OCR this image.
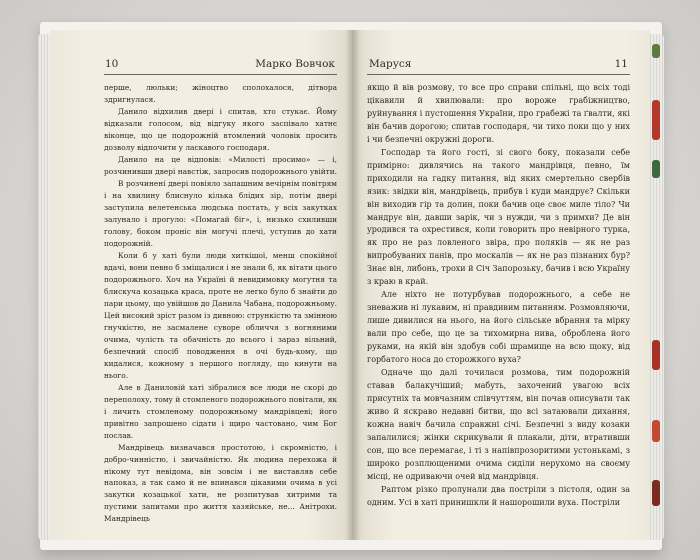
10	Марко Вовчок

перше, люльки; жіноцтво сполохалося, дітвора здригнулася.

Данило відхилив двері і спитав, хто стукає. Йому відказали голосом, від відгуку якого заспівало хатнє віконце, що це подорожній втомлений чоловік просить дозволу відпочити у ласкавого господаря.

Данило на це відповів: «Милості просимо» — і, розчинивши двері навстіж, запросив подорожнього увійти.

В розчинені двері повіяло запашним вечірнім повітрям і на хвилину блиснуло кілька блідих зір, потім двері заступила велетенська людська постать, у всіх закутках залунало і прогуло: «Помагай біг», і, низько схиливши голову, боком проніс він могучі плечі, уступив до хати подорожній.

Коли б у хаті були люди хиткішої, менш спокійної вдачі, вони певно б зміщалися і не знали б, як вітати цього подорожнього. Хоч на Україні й невидимовку могутня та блискуча козацька краса, проте не легко було б знайти до пари цьому, що увійшов до Данила Чабана, подорожньому. Цей високий зріст разом із дивною: стрункістю та змінною гнучкістю, не засмалене суворе обличчя з вогняними очима, чулість та обачність до всього і зараз вільний, безпечний спосіб поводження в очі будь-кому, що кидалися, кожному з першого погляду, що кинути на нього.

Але в Даниловій хаті зібралися все люди не скорі до переполоху, тому й стомленого подорожнього повітали, як і личить стомленому подорожньому мандрівцеві; його привітно запрошено сідати і щиро частовано, чим Бог послав.

Мандрівець визначався простотою, і скромністю, і добро-чинністю, і звичайністю. Як людина перехожа й нікому тут невідома, він зовсім і не виставляв себе напоказ, а так само й не впинався цікавими очима в усі закутки козацької хати, не розпитував хитрими та пустими запитами про життя хазяйське, не... Анітрохи. Мандрівець

Маруся	11

якщо й вів розмову, то все про справи спільні, що всіх тоді цікавили й хвилювали: про вороже грабіжництво, руйнування і пустошення України, про грабежі та ґвалти, які він бачив дорогою; спитав господаря, чи тихо поки що у них і чи безпечні окружні дороги.

Господар та його гості, зі свого боку, показали себе примірно: дивлячись на такого мандрівця, певно, їм приходили на гадку питання, від яких смертельно свербів язик: звідки він, мандрівець, прибув і куди мандрує? Скільки він виходив гір та долин, поки бачив оце своє миле тіло? Чи мандрує він, давши зарік, чи з нужди, чи з примхи? Де він уродився та охрестився, коли говорить про невірного турка, як про не раз ловленого звіра, про поляків — як не раз випробуваних панів, про москалів — як не раз пізнаних бур? Знає він, либонь, трохи й Січ Запорозьку, бачив і всю Україну з краю в край.

Але ніхто не потурбував подорожнього, а себе не зневажив ні лукавим, ні правдивим питанням. Розмовляючи, лише дивилися на нього, на його сільське вбрання та мірку вали про себе, що це за тихомирна нива, оброблена його руками, на якій він здобув собі шрамище на всю щоку, від горбатого носа до сторожкого вуха?

Одначе що далі точилася розмова, тим подорожній ставав балакучіший; мабуть, захочений увагою всіх присутніх та мовчазним співчуттям, він почав описувати так живо й яскраво недавні битви, що всі затаювали дихання, кожна навіч бачила справжні січі. Безпечні з виду козаки запалилися; жінки скрикували й плакали, діти, втративши сон, що все перемагає, і ті з напівпрозоритими устонькамі, з широко розплющеними очима сиділи нерухомо на своєму місці, не одриваючи очей від мандрівця.

Раптом різко пролунали два постріли з пістоля, один за одним. Усі в хаті принишкли й нашорошили вуха. Постріли
